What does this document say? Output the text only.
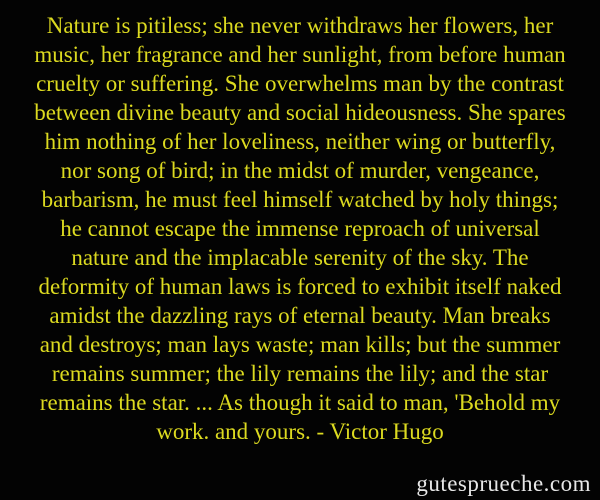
Nature is pitiless; she never withdraws her flowers, her
music, her fragrance and her sunlight, from before human
cruelty or suffering. She overwhelms man by the contrast
between divine beauty and social hideousness. She spares
him nothing of her loveliness, neither wing or butterfly,
nor song of bird; in the midst of murder, vengeance,
barbarism, he must feel himself watched by holy things;
he cannot escape the immense reproach of universal
nature and the implacable serenity of the sky. The
deformity of human laws is forced to exhibit itself naked
amidst the dazzling rays of eternal beauty. Man breaks
and destroys; man lays waste; man kills; but the summer
remains summer; the lily remains the lily; and the star
remains the star. ... As though it said to man, 'Behold my
work. and yours. - Victor Hugo
gutesprueche.com
